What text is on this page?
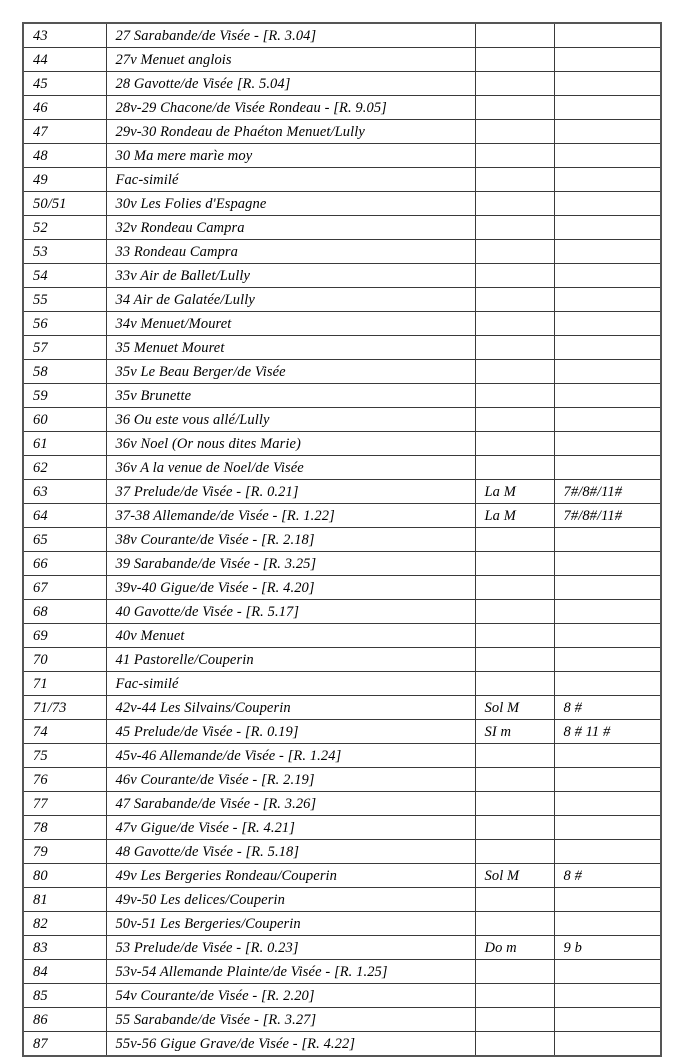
43	27 Sarabande/de Visée - [R. 3.04]		
44	27v Menuet anglois		
45	28 Gavotte/de Visée [R. 5.04]		
46	28v-29 Chacone/de Visée Rondeau - [R. 9.05]		
47	29v-30 Rondeau de Phaéton Menuet/Lully		
48	30 Ma mere marìe moy		
49	Fac-similé		
50/51	30v Les Folies d'Espagne		
52	32v Rondeau Campra		
53	33 Rondeau Campra		
54	33v Air de Ballet/Lully		
55	34 Air de Galatée/Lully		
56	34v Menuet/Mouret		
57	35 Menuet Mouret		
58	35v Le Beau Berger/de Visée		
59	35v Brunette		
60	36 Ou este vous allé/Lully		
61	36v Noel (Or nous dites Marie)		
62	36v A la venue de Noel/de Visée		
63	37 Prelude/de Visée - [R. 0.21]	La M	7#/8#/11#
64	37-38 Allemande/de Visée - [R. 1.22]	La M	7#/8#/11#
65	38v Courante/de Visée - [R. 2.18]		
66	39 Sarabande/de Visée - [R. 3.25]		
67	39v-40 Gigue/de Visée - [R. 4.20]		
68	40 Gavotte/de Visée - [R. 5.17]		
69	40v Menuet		
70	41 Pastorelle/Couperin		
71	Fac-similé		
71/73	42v-44 Les Silvains/Couperin	Sol M	8 #
74	45 Prelude/de Visée - [R. 0.19]	SI m	8 # 11 #
75	45v-46 Allemande/de Visée - [R. 1.24]		
76	46v Courante/de Visée - [R. 2.19]		
77	47 Sarabande/de Visée - [R. 3.26]		
78	47v Gigue/de Visée - [R. 4.21]		
79	48 Gavotte/de Visée - [R. 5.18]		
80	49v Les Bergeries Rondeau/Couperin	Sol M	8 #
81	49v-50 Les delices/Couperin		
82	50v-51 Les Bergeries/Couperin		
83	53 Prelude/de Visée - [R. 0.23]	Do m	9 b
84	53v-54 Allemande Plainte/de Visée - [R. 1.25]		
85	54v Courante/de Visée - [R. 2.20]		
86	55 Sarabande/de Visée - [R. 3.27]		
87	55v-56 Gigue Grave/de Visée - [R. 4.22]		
